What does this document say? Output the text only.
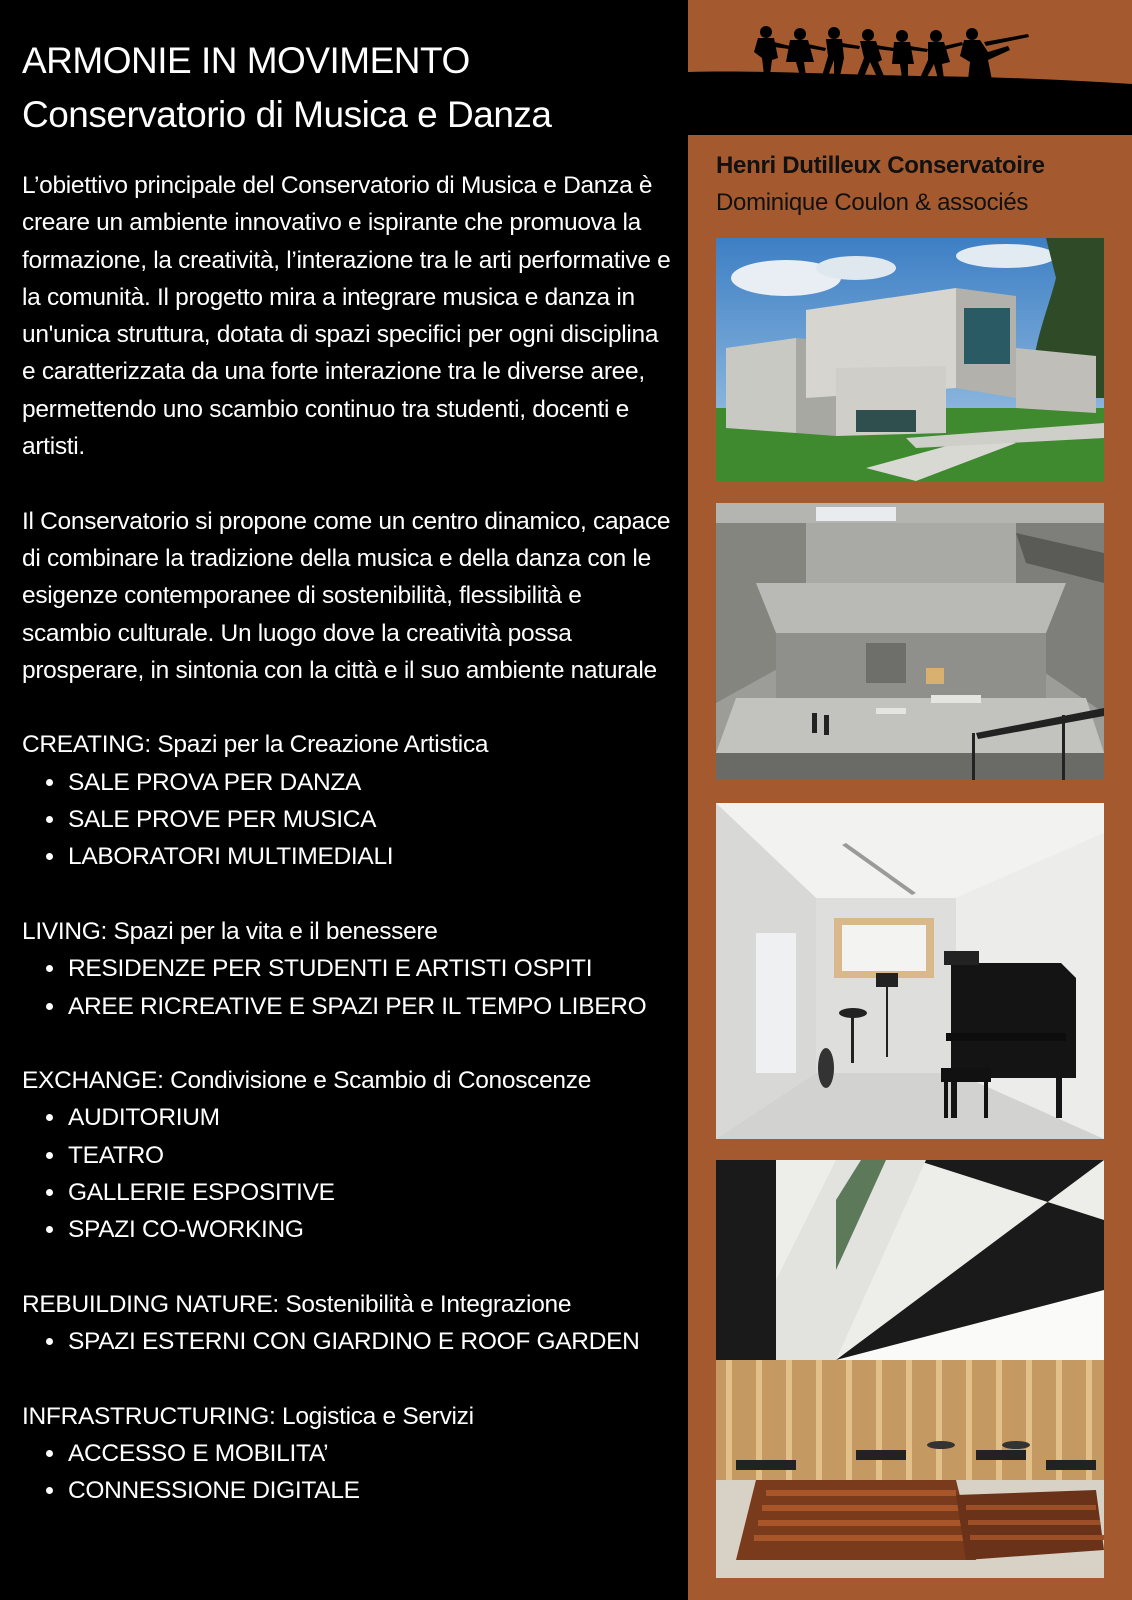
ARMONIE IN MOVIMENTO
Conservatorio di Musica e Danza

L’obiettivo principale del Conservatorio di Musica e Danza è creare un ambiente innovativo e ispirante che promuova la formazione, la creatività, l’interazione tra le arti performative e la comunità. Il progetto mira a integrare musica e danza in un'unica struttura, dotata di spazi specifici per ogni disciplina e caratterizzata da una forte interazione tra le diverse aree, permettendo uno scambio continuo tra studenti, docenti e artisti.

Il Conservatorio si propone come un centro dinamico, capace di combinare la tradizione della musica e della danza con le esigenze contemporanee di sostenibilità, flessibilità e scambio culturale. Un luogo dove la creatività possa prosperare, in sintonia con la città e il suo ambiente naturale

CREATING: Spazi per la Creazione Artistica
SALE PROVA PER DANZA
SALE PROVE PER MUSICA
LABORATORI MULTIMEDIALI
LIVING: Spazi per la vita e il benessere
RESIDENZE PER STUDENTI E ARTISTI OSPITI
AREE RICREATIVE E SPAZI PER IL TEMPO LIBERO
EXCHANGE: Condivisione e Scambio di Conoscenze
AUDITORIUM
TEATRO
GALLERIE ESPOSITIVE
SPAZI CO-WORKING
REBUILDING NATURE: Sostenibilità e Integrazione
SPAZI ESTERNI CON GIARDINO E ROOF GARDEN
INFRASTRUCTURING: Logistica e Servizi
ACCESSO E MOBILITA’
CONNESSIONE DIGITALE
Henri Dutilleux Conservatoire
Dominique Coulon & associés
